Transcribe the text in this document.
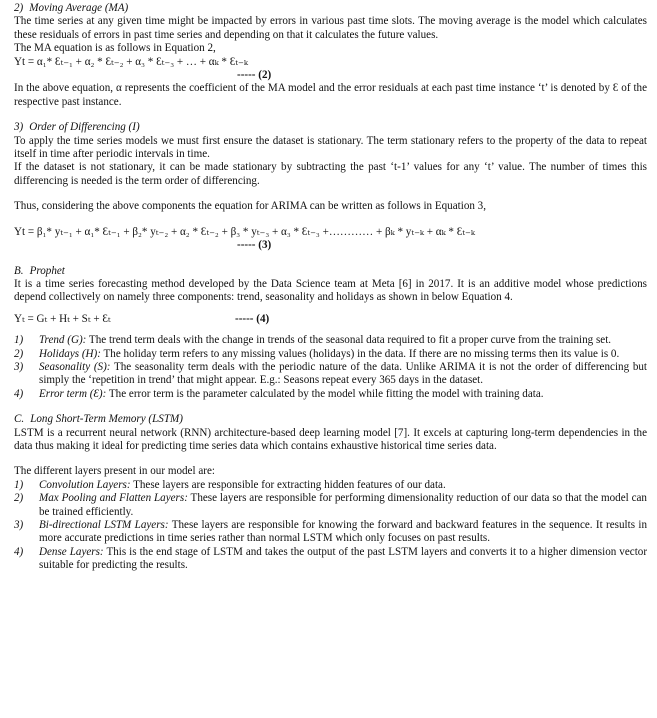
2) Moving Average (MA)

The time series at any given time might be impacted by errors in various past time slots. The moving average is the model which calculates these residuals of errors in past time series and depending on that it calculates the future values.

The MA equation is as follows in Equation 2,

Yt = α₁* Ɛₜ₋₁ + α₂ * Ɛₜ₋₂ + α₃ * Ɛₜ₋₃ + … + αₖ * Ɛₜ₋ₖ

----- (2)

In the above equation, α represents the coefficient of the MA model and the error residuals at each past time instance ‘t’ is denoted by Ɛ of the respective past instance.

3) Order of Differencing (I)

To apply the time series models we must first ensure the dataset is stationary. The term stationary refers to the property of the data to repeat itself in time after periodic intervals in time.

If the dataset is not stationary, it can be made stationary by subtracting the past ‘t-1’ values for any ‘t’ value. The number of times this differencing is needed is the term order of differencing.

Thus, considering the above components the equation for ARIMA can be written as follows in Equation 3,

Yt = β₁* yₜ₋₁ + α₁* Ɛₜ₋₁ + β₂* yₜ₋₂ + α₂ * Ɛₜ₋₂ + β₃ * yₜ₋₃ + α₃ * Ɛₜ₋₃ +………… + βₖ * yₜ₋ₖ + αₖ * Ɛₜ₋ₖ

----- (3)

B. Prophet

It is a time series forecasting method developed by the Data Science team at Meta [6] in 2017. It is an additive model whose predictions depend collectively on namely three components: trend, seasonality and holidays as shown in below Equation 4.

Yₜ = Gₜ + Hₜ + Sₜ + Ɛₜ	----- (4)

1) Trend (G): The trend term deals with the change in trends of the seasonal data required to fit a proper curve from the training set.
2) Holidays (H): The holiday term refers to any missing values (holidays) in the data. If there are no missing terms then its value is 0.
3) Seasonality (S): The seasonality term deals with the periodic nature of the data. Unlike ARIMA it is not the order of differencing but simply the ‘repetition in trend’ that might appear. E.g.: Seasons repeat every 365 days in the dataset.
4) Error term (Ɛ): The error term is the parameter calculated by the model while fitting the model with training data.

C. Long Short-Term Memory (LSTM)

LSTM is a recurrent neural network (RNN) architecture-based deep learning model [7]. It excels at capturing long-term dependencies in the data thus making it ideal for predicting time series data which contains exhaustive historical time series data.

The different layers present in our model are:

1) Convolution Layers: These layers are responsible for extracting hidden features of our data.
2) Max Pooling and Flatten Layers: These layers are responsible for performing dimensionality reduction of our data so that the model can be trained efficiently.
3) Bi-directional LSTM Layers: These layers are responsible for knowing the forward and backward features in the sequence. It results in more accurate predictions in time series rather than normal LSTM which only focuses on past results.
4) Dense Layers: This is the end stage of LSTM and takes the output of the past LSTM layers and converts it to a higher dimension vector suitable for predicting the results.
